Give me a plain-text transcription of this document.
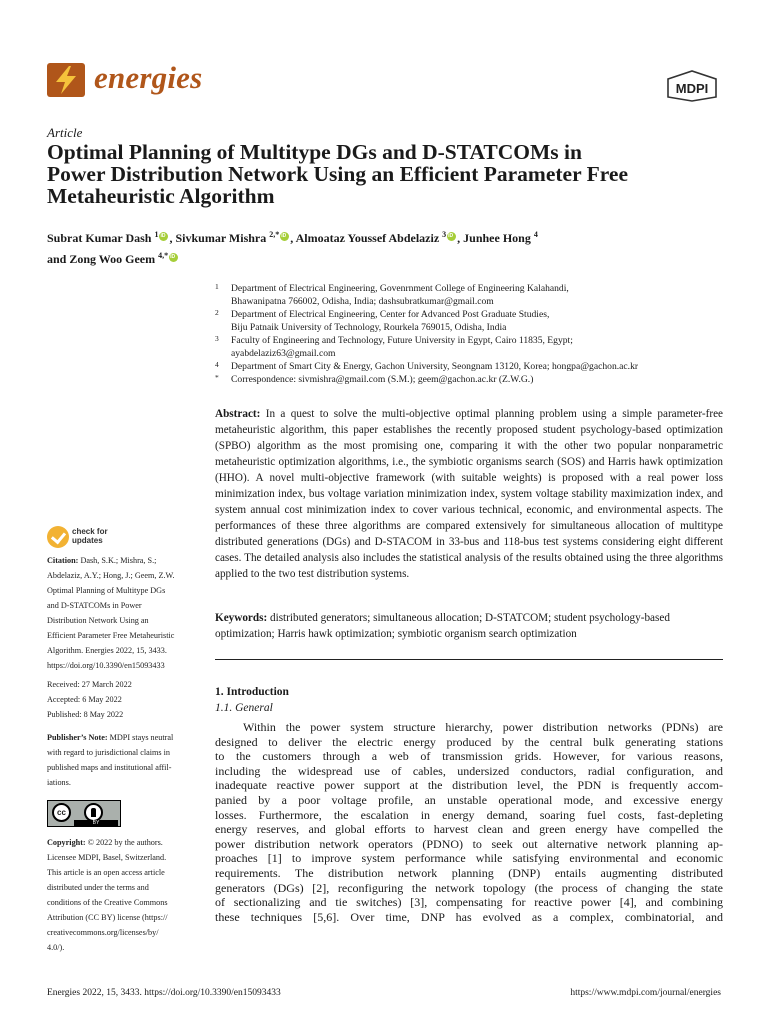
energies	MDPI
Article
Optimal Planning of Multitype DGs and D-STATCOMs in
Power Distribution Network Using an Efficient Parameter Free
Metaheuristic Algorithm
Subrat Kumar Dash $^1$ iD , Sivkumar Mishra $^{2,*}$ iD , Almoataz Youssef Abdelaziz $^3$ iD , Junhee Hong $^4$
and Zong Woo Geem $^{4,*}$iD
1 Department of Electrical Engineering, Govenrnment College of Engineering Kalahandi,
Bhawanipatna 766002, Odisha, India; dashsubratkumar@gmail.com
2 Department of Electrical Engineering, Center for Advanced Post Graduate Studies,
Biju Patnaik University of Technology, Rourkela 769015, Odisha, India
3 Faculty of Engineering and Technology, Future University in Egypt, Cairo 11835, Egypt;
ayabdelaziz63@gmail.com
4 Department of Smart City & Energy, Gachon University, Seongnam 13120, Korea; hongpa@gachon.ac.kr
* Correspondence: sivmishra@gmail.com (S.M.); geem@gachon.ac.kr (Z.W.G.)
Abstract: In a quest to solve the multi-objective optimal planning problem using a simple parameter-free metaheuristic algorithm, this paper establishes the recently proposed student psychology-based optimization (SPBO) algorithm as the most promising one, comparing it with the other two popular nonparametric metaheuristic optimization algorithms, i.e., the symbiotic organisms search (SOS) and Harris hawk optimization (HHO). A novel multi-objective framework (with suitable weights) is proposed with a real power loss minimization index, bus voltage variation minimization index, system voltage stability maximization index, and system annual cost minimization index to cover various technical, economic, and environmental aspects. The performances of these three algorithms are compared extensively for simultaneous allocation of multitype distributed generations (DGs) and D-STACOM in 33-bus and 118-bus test systems considering eight different cases. The detailed analysis also includes the statistical analysis of the results obtained using the three algorithms applied to the two test distribution systems.
Keywords: distributed generators; simultaneous allocation; D-STATCOM; student psychology-based optimization; Harris hawk optimization; symbiotic organism search optimization
1. Introduction
1.1. General
Within the power system structure hierarchy, power distribution networks (PDNs) are
designed to deliver the electric energy produced by the central bulk generating stations
to the customers through a web of transmission grids. However, for various reasons,
including the widespread use of cables, undersized conductors, radial configuration, and
inadequate reactive power support at the distribution level, the PDN is frequently accom-
panied by a poor voltage profile, an unstable operational mode, and excessive energy
losses. Furthermore, the escalation in energy demand, soaring fuel costs, fast-depleting
energy reserves, and global efforts to harvest clean and green energy have compelled the
power distribution network operators (PDNO) to seek out alternative network planning ap-
proaches [1] to improve system performance while satisfying environmental and economic
requirements. The distribution network planning (DNP) entails augmenting distributed
generators (DGs) [2], reconfiguring the network topology (the process of changing the state
of sectionalizing and tie switches) [3], compensating for reactive power [4], and combining
these techniques [5,6]. Over time, DNP has evolved as a complex, combinatorial, and
check for
updates
Citation: Dash, S.K.; Mishra, S.;
Abdelaziz, A.Y.; Hong, J.; Geem, Z.W.
Optimal Planning of Multitype DGs
and D-STATCOMs in Power
Distribution Network Using an
Efficient Parameter Free Metaheuristic
Algorithm. Energies 2022, 15, 3433.
https://doi.org/10.3390/en15093433
Received: 27 March 2022
Accepted: 6 May 2022
Published: 8 May 2022
Publisher’s Note: MDPI stays neutral
with regard to jurisdictional claims in
published maps and institutional affil-
iations.
cc
BY
Copyright: © 2022 by the authors.
Licensee MDPI, Basel, Switzerland.
This article is an open access article
distributed under the terms and
conditions of the Creative Commons
Attribution (CC BY) license (https://
creativecommons.org/licenses/by/
4.0/).
Energies 2022, 15, 3433. https://doi.org/10.3390/en15093433	https://www.mdpi.com/journal/energies
